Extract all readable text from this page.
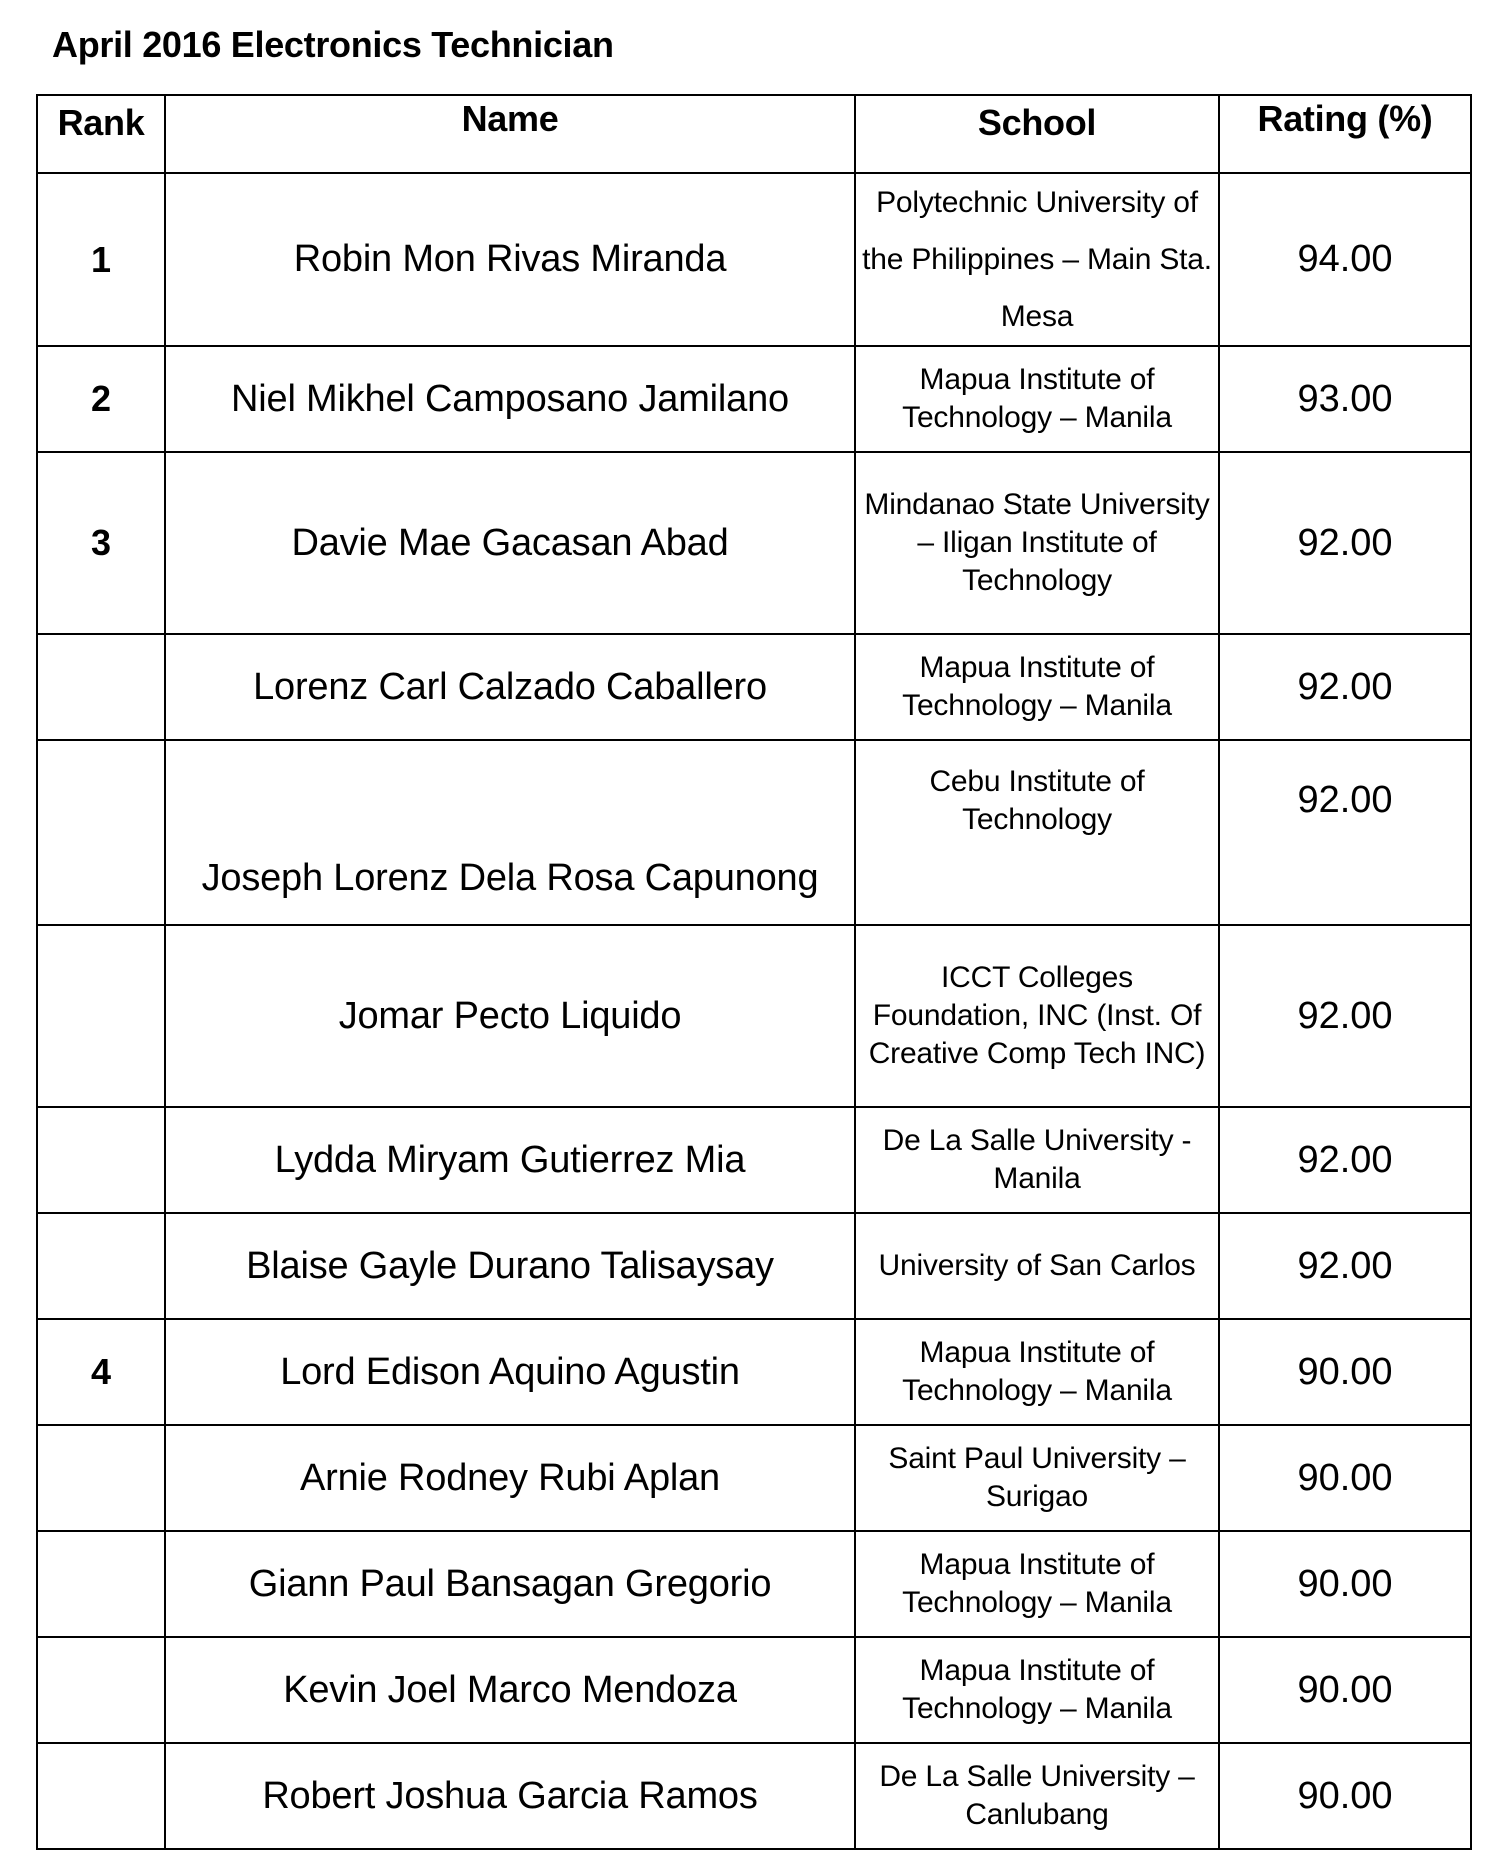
April 2016 Electronics Technician
Rank	Name	School	Rating (%)
1	Robin Mon Rivas Miranda	Polytechnic University of the Philippines – Main Sta. Mesa	94.00
2	Niel Mikhel Camposano Jamilano	Mapua Institute of Technology – Manila	93.00
3	Davie Mae Gacasan Abad	Mindanao State University – Iligan Institute of Technology	92.00
	Lorenz Carl Calzado Caballero	Mapua Institute of Technology – Manila	92.00
	Joseph Lorenz Dela Rosa Capunong	Cebu Institute of Technology	92.00
	Jomar Pecto Liquido	ICCT Colleges Foundation, INC (Inst. Of Creative Comp Tech INC)	92.00
	Lydda Miryam Gutierrez Mia	De La Salle University - Manila	92.00
	Blaise Gayle Durano Talisaysay	University of San Carlos	92.00
4	Lord Edison Aquino Agustin	Mapua Institute of Technology – Manila	90.00
	Arnie Rodney Rubi Aplan	Saint Paul University – Surigao	90.00
	Giann Paul Bansagan Gregorio	Mapua Institute of Technology – Manila	90.00
	Kevin Joel Marco Mendoza	Mapua Institute of Technology – Manila	90.00
	Robert Joshua Garcia Ramos	De La Salle University – Canlubang	90.00
